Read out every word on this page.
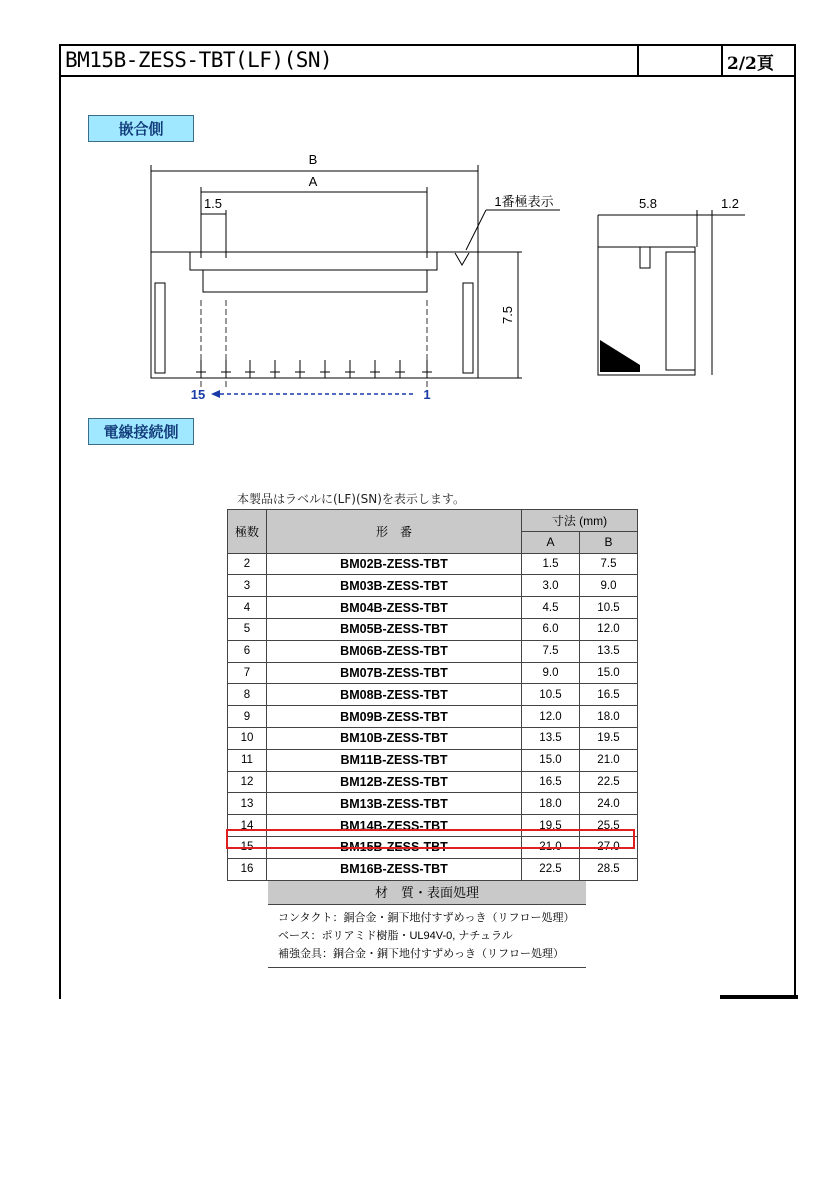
BM15B-ZESS-TBT(LF)(SN)	2/2頁
嵌合側
電線接続側
B
A
1.5	1番極表示
7.5
5.8	1.2
15	1
本製品はラベルに(LF)(SN)を表示します。
極数	形　番	寸法 (mm)	
		A	B
2	BM02B-ZESS-TBT	1.5	7.5
3	BM03B-ZESS-TBT	3.0	9.0
4	BM04B-ZESS-TBT	4.5	10.5
5	BM05B-ZESS-TBT	6.0	12.0
6	BM06B-ZESS-TBT	7.5	13.5
7	BM07B-ZESS-TBT	9.0	15.0
8	BM08B-ZESS-TBT	10.5	16.5
9	BM09B-ZESS-TBT	12.0	18.0
10	BM10B-ZESS-TBT	13.5	19.5
11	BM11B-ZESS-TBT	15.0	21.0
12	BM12B-ZESS-TBT	16.5	22.5
13	BM13B-ZESS-TBT	18.0	24.0
14	BM14B-ZESS-TBT	19.5	25.5
15	BM15B-ZESS-TBT	21.0	27.0
16	BM16B-ZESS-TBT	22.5	28.5
材　質・表面処理
コンタクト：銅合金・銅下地付すずめっき（リフロー処理）
ベース：ポリアミド樹脂・UL94V-0, ナチュラル
補強金具：銅合金・銅下地付すずめっき（リフロー処理）
